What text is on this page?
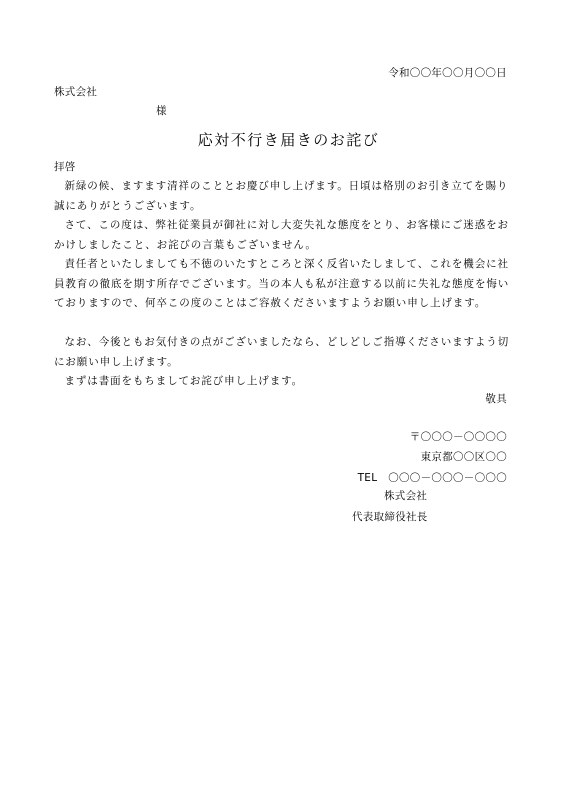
令和〇〇年〇〇月〇〇日
株式会社
様
応対不行き届きのお詫び
拝啓

新緑の候、ますます清祥のこととお慶び申し上げます。日頃は格別のお引き立てを賜り誠にありがとうございます。

さて、この度は、弊社従業員が御社に対し大変失礼な態度をとり、お客様にご迷惑をおかけしましたこと、お詫びの言葉もございません。

責任者といたしましても不徳のいたすところと深く反省いたしまして、これを機会に社員教育の徹底を期す所存でございます。当の本人も私が注意する以前に失礼な態度を悔いておりますので、何卒この度のことはご容赦くださいますようお願い申し上げます。

なお、今後ともお気付きの点がございましたなら、どしどしご指導くださいますよう切にお願い申し上げます。

まずは書面をもちましてお詫び申し上げます。

敬具
〒〇〇〇－〇〇〇〇
東京都〇〇区〇〇
TEL　〇〇〇－〇〇〇－〇〇〇
株式会社
代表取締役社長
